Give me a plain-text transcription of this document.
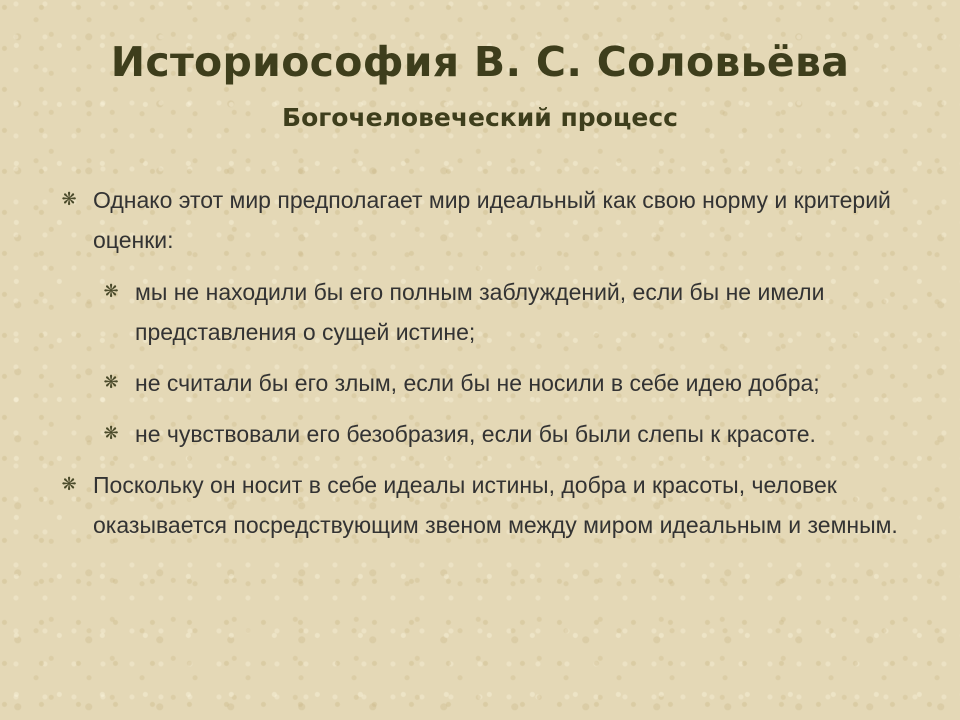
Историософия В. С. Соловьёва
Богочеловеческий процесс
❋ Однако этот мир предполагает мир идеальный как свою норму и критерий оценки:
❋ мы не находили бы его полным заблуждений, если бы не имели представления о сущей истине;
❋ не считали бы его злым, если бы не носили в себе идею добра;
❋ не чувствовали его безобразия, если бы были слепы к красоте.
❋ Поскольку он носит в себе идеалы истины, добра и красоты, человек оказывается посредствующим звеном между миром идеальным и земным.
